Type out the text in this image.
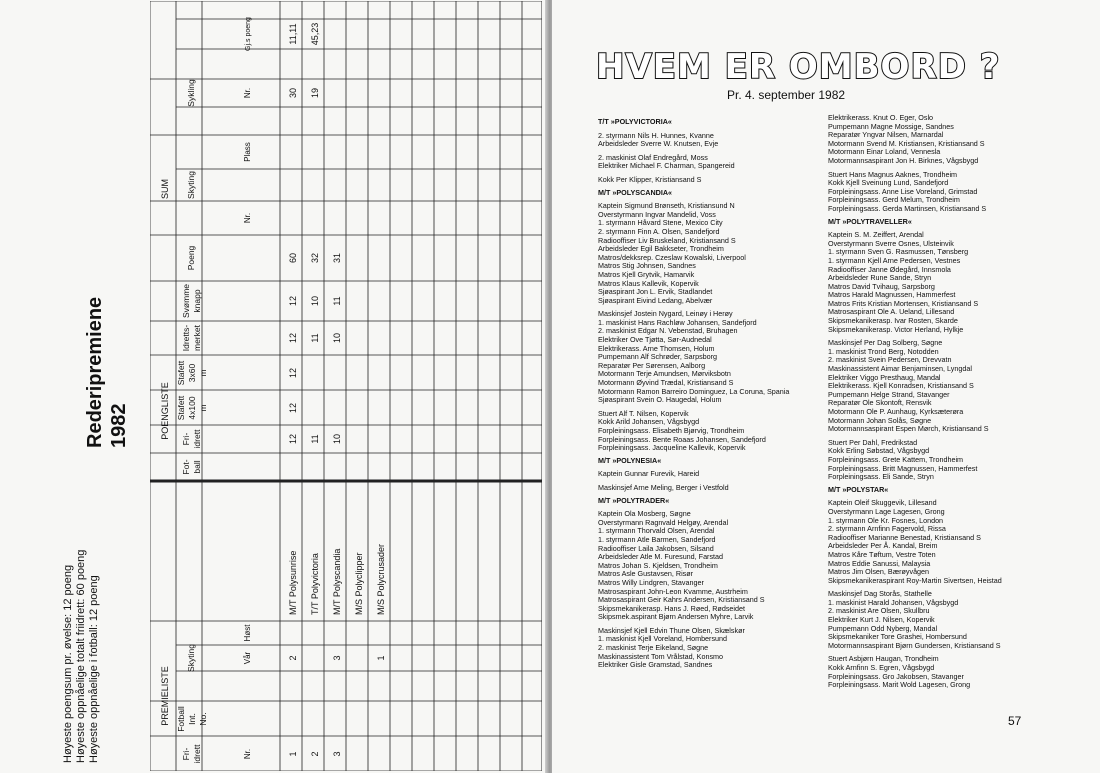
Høyeste poengsum pr. øvelse: 12 poeng Høyeste oppnåelige totalt friidrett: 60 poeng Høyeste oppnåelige i fotball: 12 poeng
Rederipremiene 1982
PREMIELISTE
POENGLISTE
SUM
Fri- idrett
Fotball Int. No.
Skyting
Fot- ball
Fri- idrett
Stafett 4x100 m
Stafett 3x60 m
Idretts- merket
Svømme knapp
Poeng
Skyting
Sykling
Nr.
Vår
Høst
Nr.
Plass
Nr.
Gj.s poeng
1
2
M/T Polysunrise
12
12
12
12
12
60
30
11,11
2
T/T Polyvictoria
11
11
10
32
19
45,23
3
3
M/T Polyscandia
10
10
11
31
M/S Polyclipper
1
M/S Polycrusader
HVEM ER OMBORD ?
Pr. 4. september 1982
T/T »POLYVICTORIA«
2. styrmann Nils H. Hunnes, Kvanne
Arbeidsleder Sverre W. Knutsen, Evje
2. maskinist Olaf Endregård, Moss
Elektriker Michael F. Charman, Spangereid
Kokk Per Klipper, Kristiansand S
M/T »POLYSCANDIA«
Kaptein Sigmund Brønseth, Kristiansund N
Overstyrmann Ingvar Mandelid, Voss
1. styrmann Håvard Stene, Mexico City
2. styrmann Finn A. Olsen, Sandefjord
Radiooffiser Liv Bruskeland, Kristiansand S
Arbeidsleder Egil Bakkseter, Trondheim
Matros/dekksrep. Czeslaw Kowalski, Liverpool
Matros Stig Johnsen, Sandnes
Matros Kjell Grytvik, Hamarvik
Matros Klaus Kallevik, Kopervik
Sjøaspirant Jon L. Ervik, Stadlandet
Sjøaspirant Eivind Ledang, Abelvær
Maskinsjef Jostein Nygard, Leinøy i Herøy
1. maskinist Hans Rachløw Johansen, Sandefjord
2. maskinist Edgar N. Vebenstad, Bruhagen
Elektriker Ove Tjøtta, Sør-Audnedal
Elektrikerass. Arne Thomsen, Holum
Pumpemann Alf Schrøder, Sarpsborg
Reparatør Per Sørensen, Aalborg
Motormann Terje Amundsen, Mørviksbotn
Motormann Øyvind Trædal, Kristiansand S
Motormann Ramon Barreiro Dominguez, La Coruna, Spania
Sjøaspirant Svein O. Haugedal, Holum
Stuert Alf T. Nilsen, Kopervik
Kokk Arild Johansen, Vågsbygd
Forpleiningsass. Elisabeth Bjørvig, Trondheim
Forpleiningsass. Bente Roaas Johansen, Sandefjord
Forpleiningsass. Jacqueline Kallevik, Kopervik
M/T »POLYNESIA«
Kaptein Gunnar Furevik, Hareid
Maskinsjef Arne Meling, Berger i Vestfold
M/T »POLYTRADER«
Kaptein Ola Mosberg, Søgne
Overstyrmann Ragnvald Helgøy, Arendal
1. styrmann Thorvald Olsen, Arendal
1. styrmann Atle Barmen, Sandefjord
Radiooffiser Laila Jakobsen, Silsand
Arbeidsleder Atle M. Furesund, Farstad
Matros Johan S. Kjeldsen, Trondheim
Matros Asle Gustavsen, Risør
Matros Willy Lindgren, Stavanger
Matrosaspirant John-Leon Kvamme, Austrheim
Matrosaspirant Geir Kahrs Andersen, Kristiansand S
Skipsmekanikerasp. Hans J. Røed, Rødseidet
Skipsmek.aspirant Bjørn Andersen Myhre, Larvik
Maskinsjef Kjell Edvin Thune Olsen, Skælskør
1. maskinist Kjell Voreland, Hombersund
2. maskinist Terje Eikeland, Søgne
Maskinassistent Tom Vrålstad, Konsmo
Elektriker Gisle Gramstad, Sandnes
Elektrikerass. Knut O. Eger, Oslo
Pumpemann Magne Mossige, Sandnes
Reparatør Yngvar Nilsen, Marnardal
Motormann Svend M. Kristiansen, Kristiansand S
Motormann Einar Loland, Vennesla
Motormannsaspirant Jon H. Birknes, Vågsbygd
Stuert Hans Magnus Aaknes, Trondheim
Kokk Kjell Sveinung Lund, Sandefjord
Forpleiningsass. Anne Lise Voreland, Grimstad
Forpleiningsass. Gerd Melum, Trondheim
Forpleiningsass. Gerda Martinsen, Kristiansand S
M/T »POLYTRAVELLER«
Kaptein S. M. Zeiffert, Arendal
Overstyrmann Sverre Osnes, Ulsteinvik
1. styrmann Sven G. Rasmussen, Tønsberg
1. styrmann Kjell Arne Pedersen, Vestnes
Radiooffiser Janne Ødegård, Innsmola
Arbeidsleder Rune Sande, Stryn
Matros David Tvihaug, Sarpsborg
Matros Harald Magnussen, Hammerfest
Matros Frits Kristian Mortensen, Kristiansand S
Matrosaspirant Ole A. Ueland, Lillesand
Skipsmekanikerasp. Ivar Rosten, Skarde
Skipsmekanikerasp. Victor Herland, Hylkje
Maskinsjef Per Dag Solberg, Søgne
1. maskinist Trond Berg, Notodden
2. maskinist Svein Pedersen, Drevvatn
Maskinassistent Aimar Benjaminsen, Lyngdal
Elektriker Viggo Presthaug, Mandal
Elektrikerass. Kjell Konradsen, Kristiansand S
Pumpemann Helge Strand, Stavanger
Reparatør Ole Skontoft, Rensvik
Motormann Ole P. Aunhaug, Kyrksæterøra
Motormann Johan Solås, Søgne
Motormannsaspirant Espen Mørch, Kristiansand S
Stuert Per Dahl, Fredrikstad
Kokk Erling Søbstad, Vågsbygd
Forpleiningsass. Grete Kattem, Trondheim
Forpleiningsass. Britt Magnussen, Hammerfest
Forpleiningsass. Eli Sande, Stryn
M/T »POLYSTAR«
Kaptein Oleif Skuggevik, Lillesand
Overstyrmann Lage Lagesen, Grong
1. styrmann Ole Kr. Fosnes, London
2. styrmann Arnfinn Fagervold, Rissa
Radiooffiser Marianne Benestad, Kristiansand S
Arbeidsleder Per Å. Kandal, Breim
Matros Kåre Tøftum, Vestre Toten
Matros Eddie Sanussi, Malaysia
Matros Jim Olsen, Bærøyvågen
Skipsmekanikeraspirant Roy-Martin Sivertsen, Heistad
Maskinsjef Dag Storås, Stathelle
1. maskinist Harald Johansen, Vågsbygd
2. maskinist Are Olsen, Skullbru
Elektriker Kurt J. Nilsen, Kopervik
Pumpemann Odd Nyberg, Mandal
Skipsmekaniker Tore Grashei, Hombersund
Motormannsaspirant Bjørn Gundersen, Kristiansand S
Stuert Asbjørn Haugan, Trondheim
Kokk Arnfinn S. Egren, Vågsbygd
Forpleiningsass. Gro Jakobsen, Stavanger
Forpleiningsass. Marit Wold Lagesen, Grong
57
